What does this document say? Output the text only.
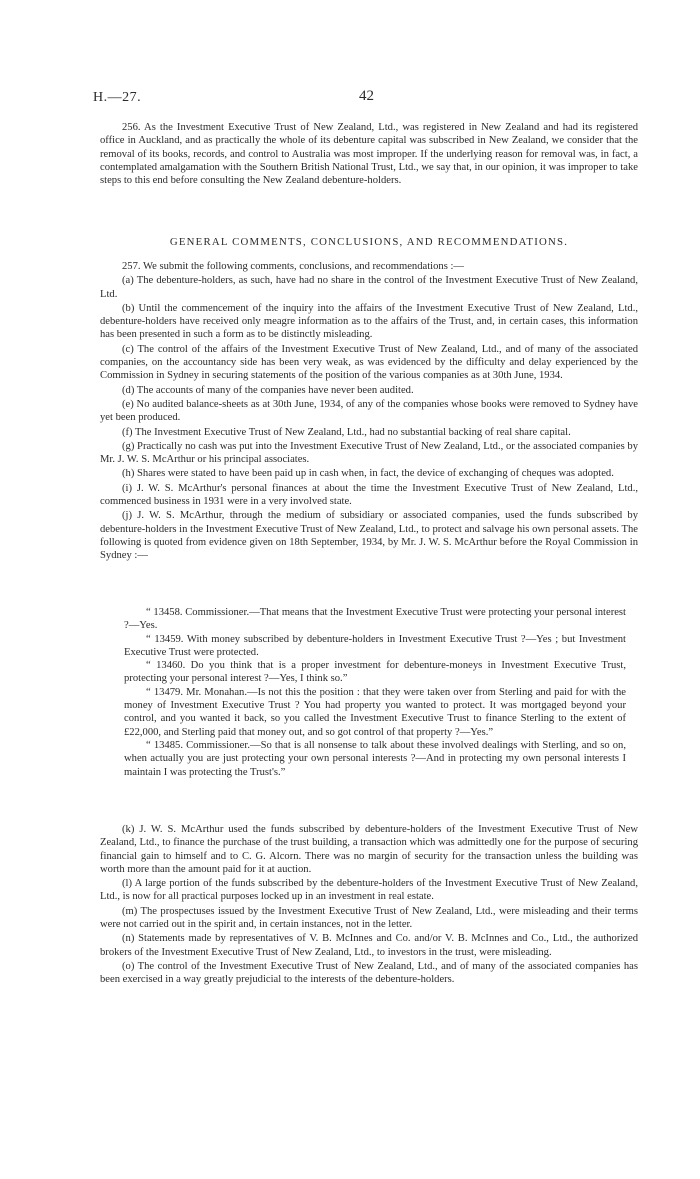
H.—27.	42

256. As the Investment Executive Trust of New Zealand, Ltd., was registered in New Zealand and had its registered office in Auckland, and as practically the whole of its debenture capital was subscribed in New Zealand, we consider that the removal of its books, records, and control to Australia was most improper. If the underlying reason for removal was, in fact, a contemplated amalgamation with the Southern British National Trust, Ltd., we say that, in our opinion, it was improper to take steps to this end before consulting the New Zealand debenture-holders.

GENERAL COMMENTS, CONCLUSIONS, AND RECOMMENDATIONS.

257. We submit the following comments, conclusions, and recommendations :—

(a) The debenture-holders, as such, have had no share in the control of the Investment Executive Trust of New Zealand, Ltd.

(b) Until the commencement of the inquiry into the affairs of the Investment Executive Trust of New Zealand, Ltd., debenture-holders have received only meagre information as to the affairs of the Trust, and, in certain cases, this information has been presented in such a form as to be distinctly misleading.

(c) The control of the affairs of the Investment Executive Trust of New Zealand, Ltd., and of many of the associated companies, on the accountancy side has been very weak, as was evidenced by the difficulty and delay experienced by the Commission in Sydney in securing statements of the position of the various companies as at 30th June, 1934.

(d) The accounts of many of the companies have never been audited.

(e) No audited balance-sheets as at 30th June, 1934, of any of the companies whose books were removed to Sydney have yet been produced.

(f) The Investment Executive Trust of New Zealand, Ltd., had no substantial backing of real share capital.

(g) Practically no cash was put into the Investment Executive Trust of New Zealand, Ltd., or the associated companies by Mr. J. W. S. McArthur or his principal associates.

(h) Shares were stated to have been paid up in cash when, in fact, the device of exchanging of cheques was adopted.

(i) J. W. S. McArthur's personal finances at about the time the Investment Executive Trust of New Zealand, Ltd., commenced business in 1931 were in a very involved state.

(j) J. W. S. McArthur, through the medium of subsidiary or associated companies, used the funds subscribed by debenture-holders in the Investment Executive Trust of New Zealand, Ltd., to protect and salvage his own personal assets. The following is quoted from evidence given on 18th September, 1934, by Mr. J. W. S. McArthur before the Royal Commission in Sydney :—

“ 13458. Commissioner.—That means that the Investment Executive Trust were protecting your personal interest ?—Yes.

“ 13459. With money subscribed by debenture-holders in Investment Executive Trust ?—Yes ; but Investment Executive Trust were protected.

“ 13460. Do you think that is a proper investment for debenture-moneys in Investment Executive Trust, protecting your personal interest ?—Yes, I think so.”

“ 13479. Mr. Monahan.—Is not this the position : that they were taken over from Sterling and paid for with the money of Investment Executive Trust ? You had property you wanted to protect. It was mortgaged beyond your control, and you wanted it back, so you called the Investment Executive Trust to finance Sterling to the extent of £22,000, and Sterling paid that money out, and so got control of that property ?—Yes.”

“ 13485. Commissioner.—So that is all nonsense to talk about these involved dealings with Sterling, and so on, when actually you are just protecting your own personal interests ?—And in protecting my own personal interests I maintain I was protecting the Trust's.”

(k) J. W. S. McArthur used the funds subscribed by debenture-holders of the Investment Executive Trust of New Zealand, Ltd., to finance the purchase of the trust building, a transaction which was admittedly one for the purpose of securing financial gain to himself and to C. G. Alcorn. There was no margin of security for the transaction unless the building was worth more than the amount paid for it at auction.

(l) A large portion of the funds subscribed by the debenture-holders of the Investment Executive Trust of New Zealand, Ltd., is now for all practical purposes locked up in an investment in real estate.

(m) The prospectuses issued by the Investment Executive Trust of New Zealand, Ltd., were misleading and their terms were not carried out in the spirit and, in certain instances, not in the letter.

(n) Statements made by representatives of V. B. McInnes and Co. and/or V. B. McInnes and Co., Ltd., the authorized brokers of the Investment Executive Trust of New Zealand, Ltd., to investors in the trust, were misleading.

(o) The control of the Investment Executive Trust of New Zealand, Ltd., and of many of the associated companies has been exercised in a way greatly prejudicial to the interests of the debenture-holders.
